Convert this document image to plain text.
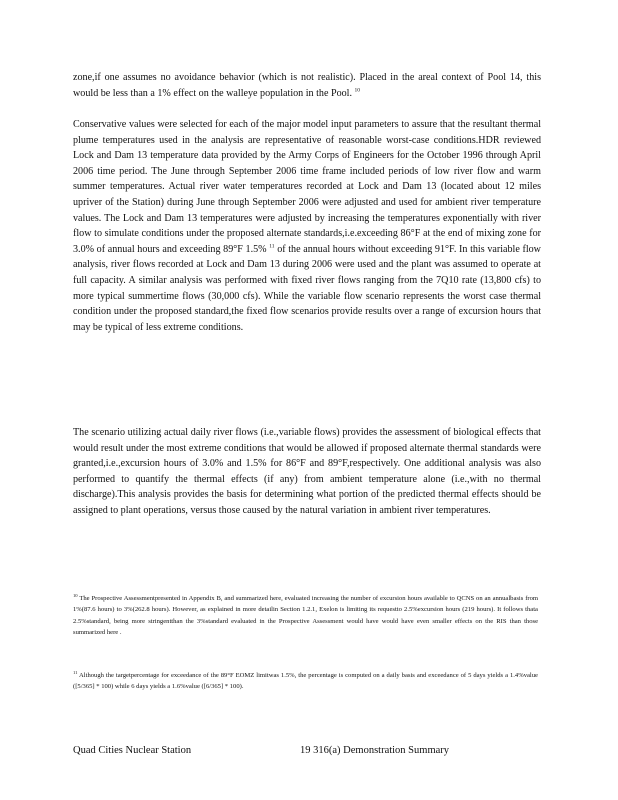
zone,if one assumes no avoidance behavior (which is not realistic). Placed in the areal context of Pool 14, this would be less than a 1% effect on the walleye population in the Pool. $^{10}$

Conservative values were selected for each of the major model input parameters to assure that the resultant thermal plume temperatures used in the analysis are representative of reasonable worst-case conditions.HDR reviewed Lock and Dam 13 temperature data provided by the Army Corps of Engineers for the October 1996 through April 2006 time period. The June through September 2006 time frame included periods of low river flow and warm summer temperatures. Actual river water temperatures recorded at Lock and Dam 13 (located about 12 miles upriver of the Station) during June through September 2006 were adjusted and used for ambient river temperature values. The Lock and Dam 13 temperatures were adjusted by increasing the temperatures exponentially with river flow to simulate conditions under the proposed alternate standards,i.e.exceeding 86°F at the end of mixing zone for 3.0% of annual hours and exceeding 89°F 1.5% $^{11}$ of the annual hours without exceeding 91°F. In this variable flow analysis, river flows recorded at Lock and Dam 13 during 2006 were used and the plant was assumed to operate at full capacity. A similar analysis was performed with fixed river flows ranging from the 7Q10 rate (13,800 cfs) to more typical summertime flows (30,000 cfs). While the variable flow scenario represents the worst case thermal condition under the proposed standard,the fixed flow scenarios provide results over a range of excursion hours that may be typical of less extreme conditions.

The scenario utilizing actual daily river flows (i.e.,variable flows) provides the assessment of biological effects that would result under the most extreme conditions that would be allowed if proposed alternate thermal standards were granted,i.e.,excursion hours of 3.0% and 1.5% for 86°F and 89°F,respectively. One additional analysis was also performed to quantify the thermal effects (if any) from ambient temperature alone (i.e.,with no thermal discharge).This analysis provides the basis for determining what portion of the predicted thermal effects should be assigned to plant operations, versus those caused by the natural variation in ambient river temperatures.

$^{10}$ The Prospective Assessmentpresented in Appendix B, and summarized here, evaluated increasing the number of excursion hours available to QCNS on an annualbasis from 1%(87.6 hours) to 3%(262.8 hours). However, as explained in more detailin Section 1.2.1, Exelon is limiting its requestto 2.5%excursion hours (219 hours). It follows thata 2.5%standard, being more stringentthan the 3%standard evaluated in the Prospective Assessment would have would have even smaller effects on the RIS than those summarized here .

$^{11}$ Although the targetpercentage for exceedance of the 89°F EOMZ limitwas 1.5%, the percentage is computed on a daily basis and exceedance of 5 days yields a 1.4%value ([5/365] * 100) while 6 days yields a 1.6%value ([6/365] * 100).

Quad Cities Nuclear Station	19 316(a) Demonstration Summary
